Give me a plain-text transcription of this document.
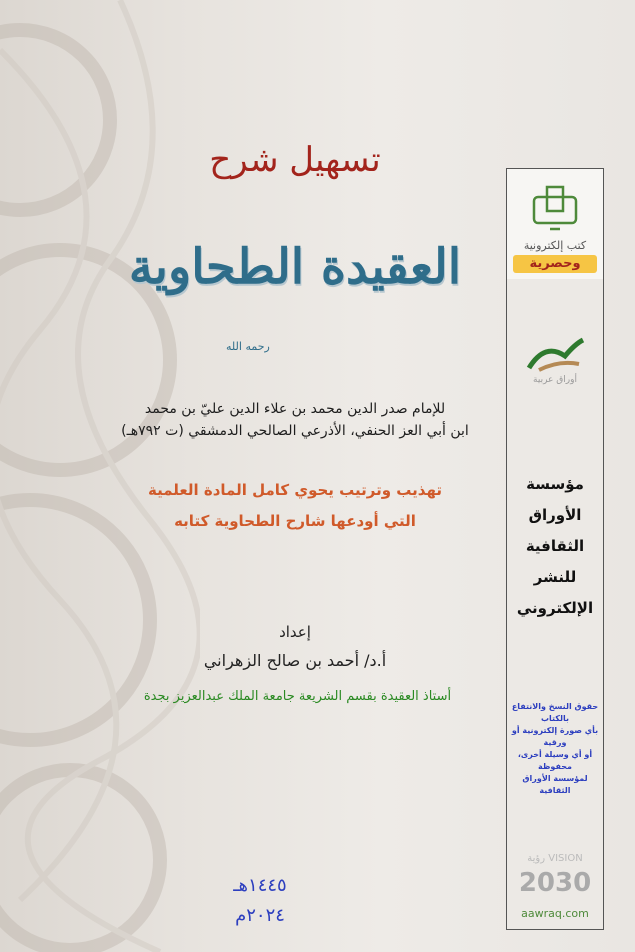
تسهيل شرح
العقيدة الطحاوية
رحمه الله
للإمام صدر الدين محمد بن علاء الدين عليّ بن محمد
ابن أبي العز الحنفي، الأذرعي الصالحي الدمشقي (ت ٧٩٢هـ)
تهذيب وترتيب يحوي كامل المادة العلمية
التي أودعها شارح الطحاوية كتابه
إعداد
أ.د/ أحمد بن صالح الزهراني
أستاذ العقيدة بقسم الشريعة جامعة الملك عبدالعزيز بجدة
١٤٤٥هـ
٢٠٢٤م
كتب إلكترونية
وحصرية
أوراق عربية
مؤسسة
الأوراق
الثقافية
للنشر
الإلكتروني
حقوق النسخ والانتفاع بالكتاب
بأي صورة إلكترونية أو ورقية
أو أي وسيلة أخرى، محفوظة
لمؤسسة الأوراق الثقافية
VISION رؤية
2030
aawraq.com
